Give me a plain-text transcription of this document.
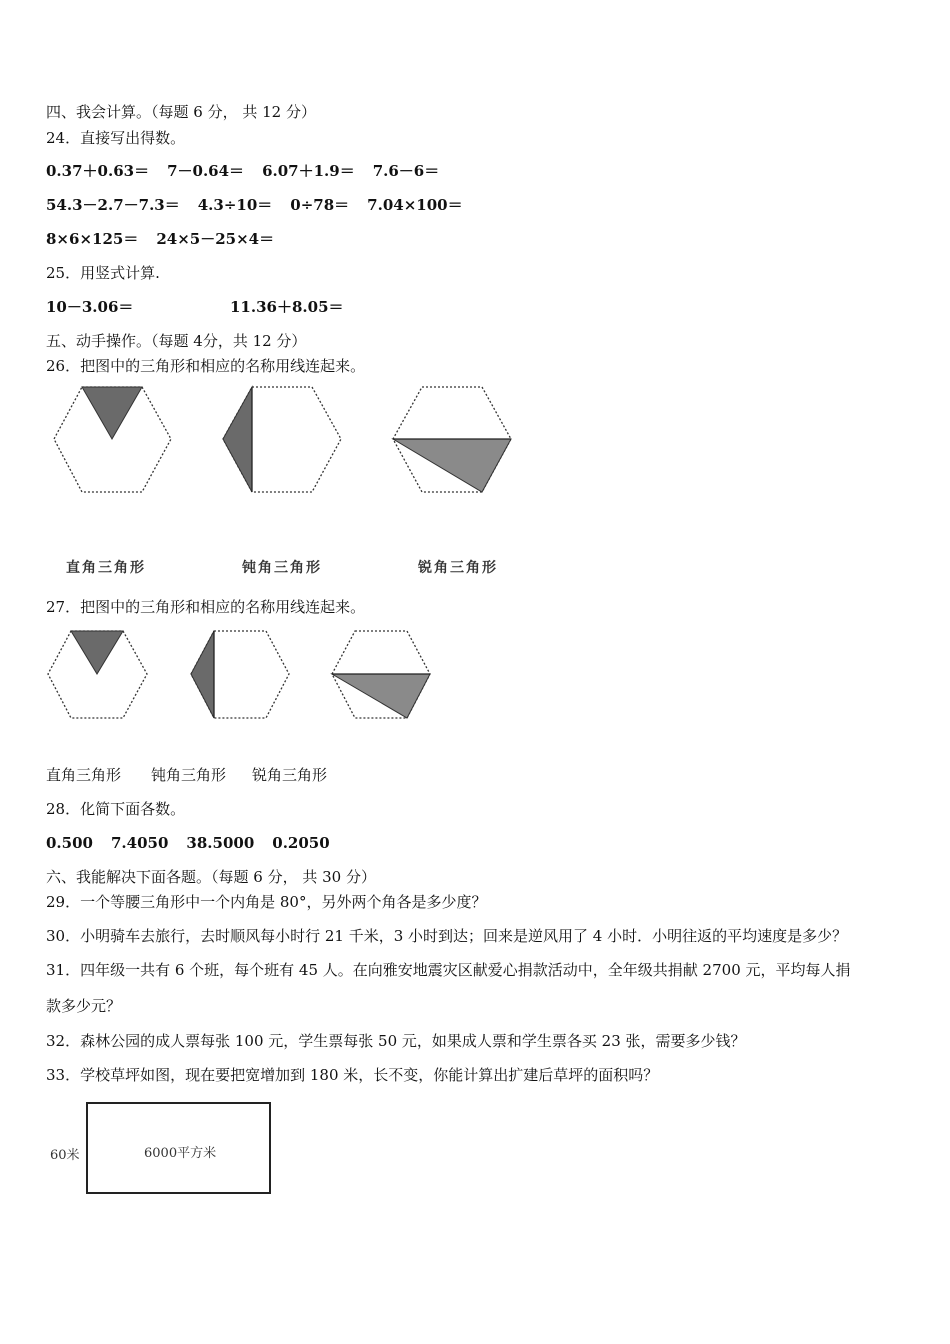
四、我会计算。（每题 6 分， 共 12 分）
24．直接写出得数。
0.37＋0.63＝ 7－0.64＝ 6.07＋1.9＝ 7.6－6＝
54.3－2.7－7.3＝ 4.3÷10＝ 0÷78＝ 7.04×100＝
8×6×125＝ 24×5－25×4＝
25．用竖式计算.
10－3.06＝	11.36＋8.05＝
五、动手操作。（每题 4分，共 12 分）
26．把图中的三角形和相应的名称用线连起来。
直角三角形	钝角三角形	锐角三角形
27．把图中的三角形和相应的名称用线连起来。
直角三角形 钝角三角形 锐角三角形
28．化简下面各数。
0.500 7.4050 38.5000 0.2050
六、我能解决下面各题。（每题 6 分， 共 30 分）
29．一个等腰三角形中一个内角是 80°，另外两个角各是多少度？
30．小明骑车去旅行，去时顺风每小时行 21 千米，3 小时到达；回来是逆风用了 4 小时．小明往返的平均速度是多少？
31．四年级一共有 6 个班，每个班有 45 人。在向雅安地震灾区献爱心捐款活动中，全年级共捐献 2700 元，平均每人捐
款多少元？
32．森林公园的成人票每张 100 元，学生票每张 50 元，如果成人票和学生票各买 23 张，需要多少钱？
33．学校草坪如图，现在要把宽增加到 180 米，长不变，你能计算出扩建后草坪的面积吗？
60米	6000平方米
